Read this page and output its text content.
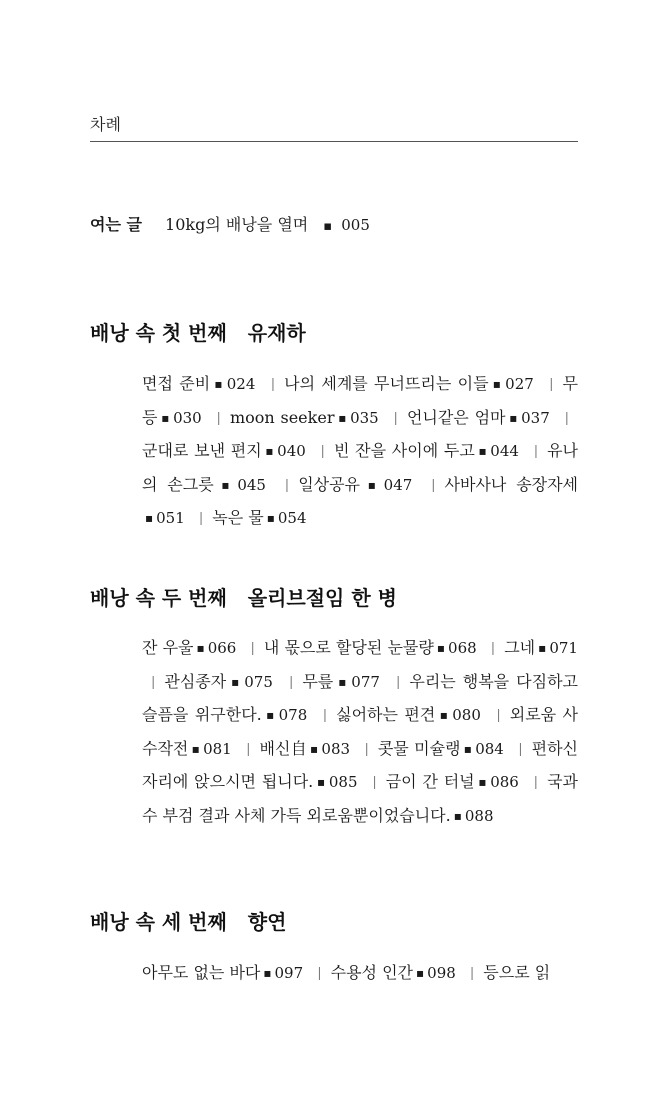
차례
여는 글 10kg의 배낭을 열며 ▪ 005
배낭 속 첫 번째 유재하
면접 준비 ▪ 024 | 나의 세계를 무너뜨리는 이들 ▪ 027 | 무등 ▪ 030 | moon seeker ▪ 035 | 언니같은 엄마 ▪ 037 |군대로 보낸 편지 ▪ 040 | 빈 잔을 사이에 두고 ▪ 044 | 유나의 손그릇 ▪ 045 | 일상공유 ▪ 047 | 사바사나 송장자세▪ 051 | 녹은 물 ▪ 054
배낭 속 두 번째 올리브절임 한 병
잔 우울 ▪ 066 | 내 몫으로 할당된 눈물량 ▪ 068 | 그네 ▪ 071 | 관심종자 ▪ 075 | 무릎 ▪ 077 | 우리는 행복을 다짐하고 슬픔을 위구한다. ▪ 078 | 싫어하는 편견 ▪ 080 | 외로움 사수작전 ▪ 081 | 배신自 ▪ 083 | 콧물 미슐랭 ▪ 084 | 편하신 자리에 앉으시면 됩니다. ▪ 085 | 금이 간 터널 ▪ 086 | 국과수 부검 결과 사체 가득 외로움뿐이었습니다. ▪ 088
배낭 속 세 번째 향연
아무도 없는 바다 ▪ 097 | 수용성 인간 ▪ 098 | 등으로 읽
